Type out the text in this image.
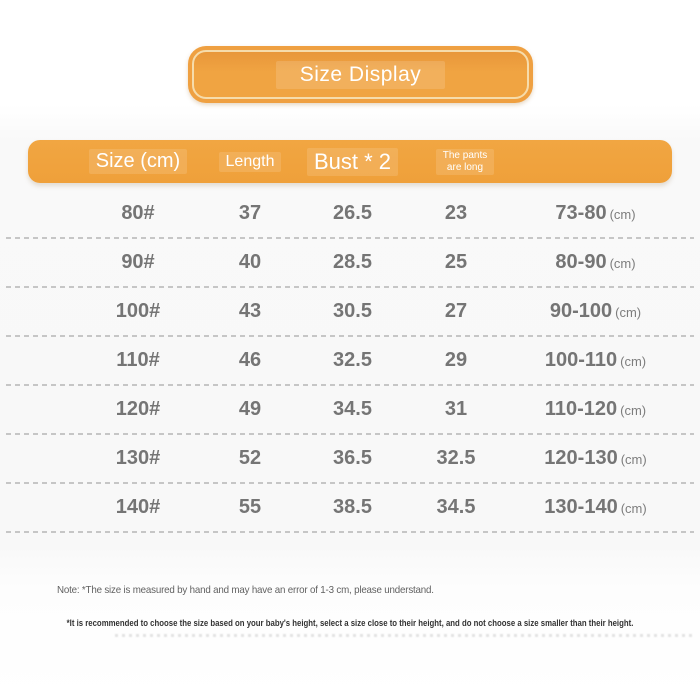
Size Display
Size (cm)	Length	Bust * 2	The pants
are long
80#	37	26.5	23	73-80 (cm)
90#	40	28.5	25	80-90 (cm)
100#	43	30.5	27	90-100 (cm)
110#	46	32.5	29	100-110 (cm)
120#	49	34.5	31	110-120 (cm)
130#	52	36.5	32.5	120-130 (cm)
140#	55	38.5	34.5	130-140 (cm)
Note: *The size is measured by hand and may have an error of 1-3 cm, please understand.
*It is recommended to choose the size based on your baby's height, select a size close to their height, and do not choose a size smaller than their height.
